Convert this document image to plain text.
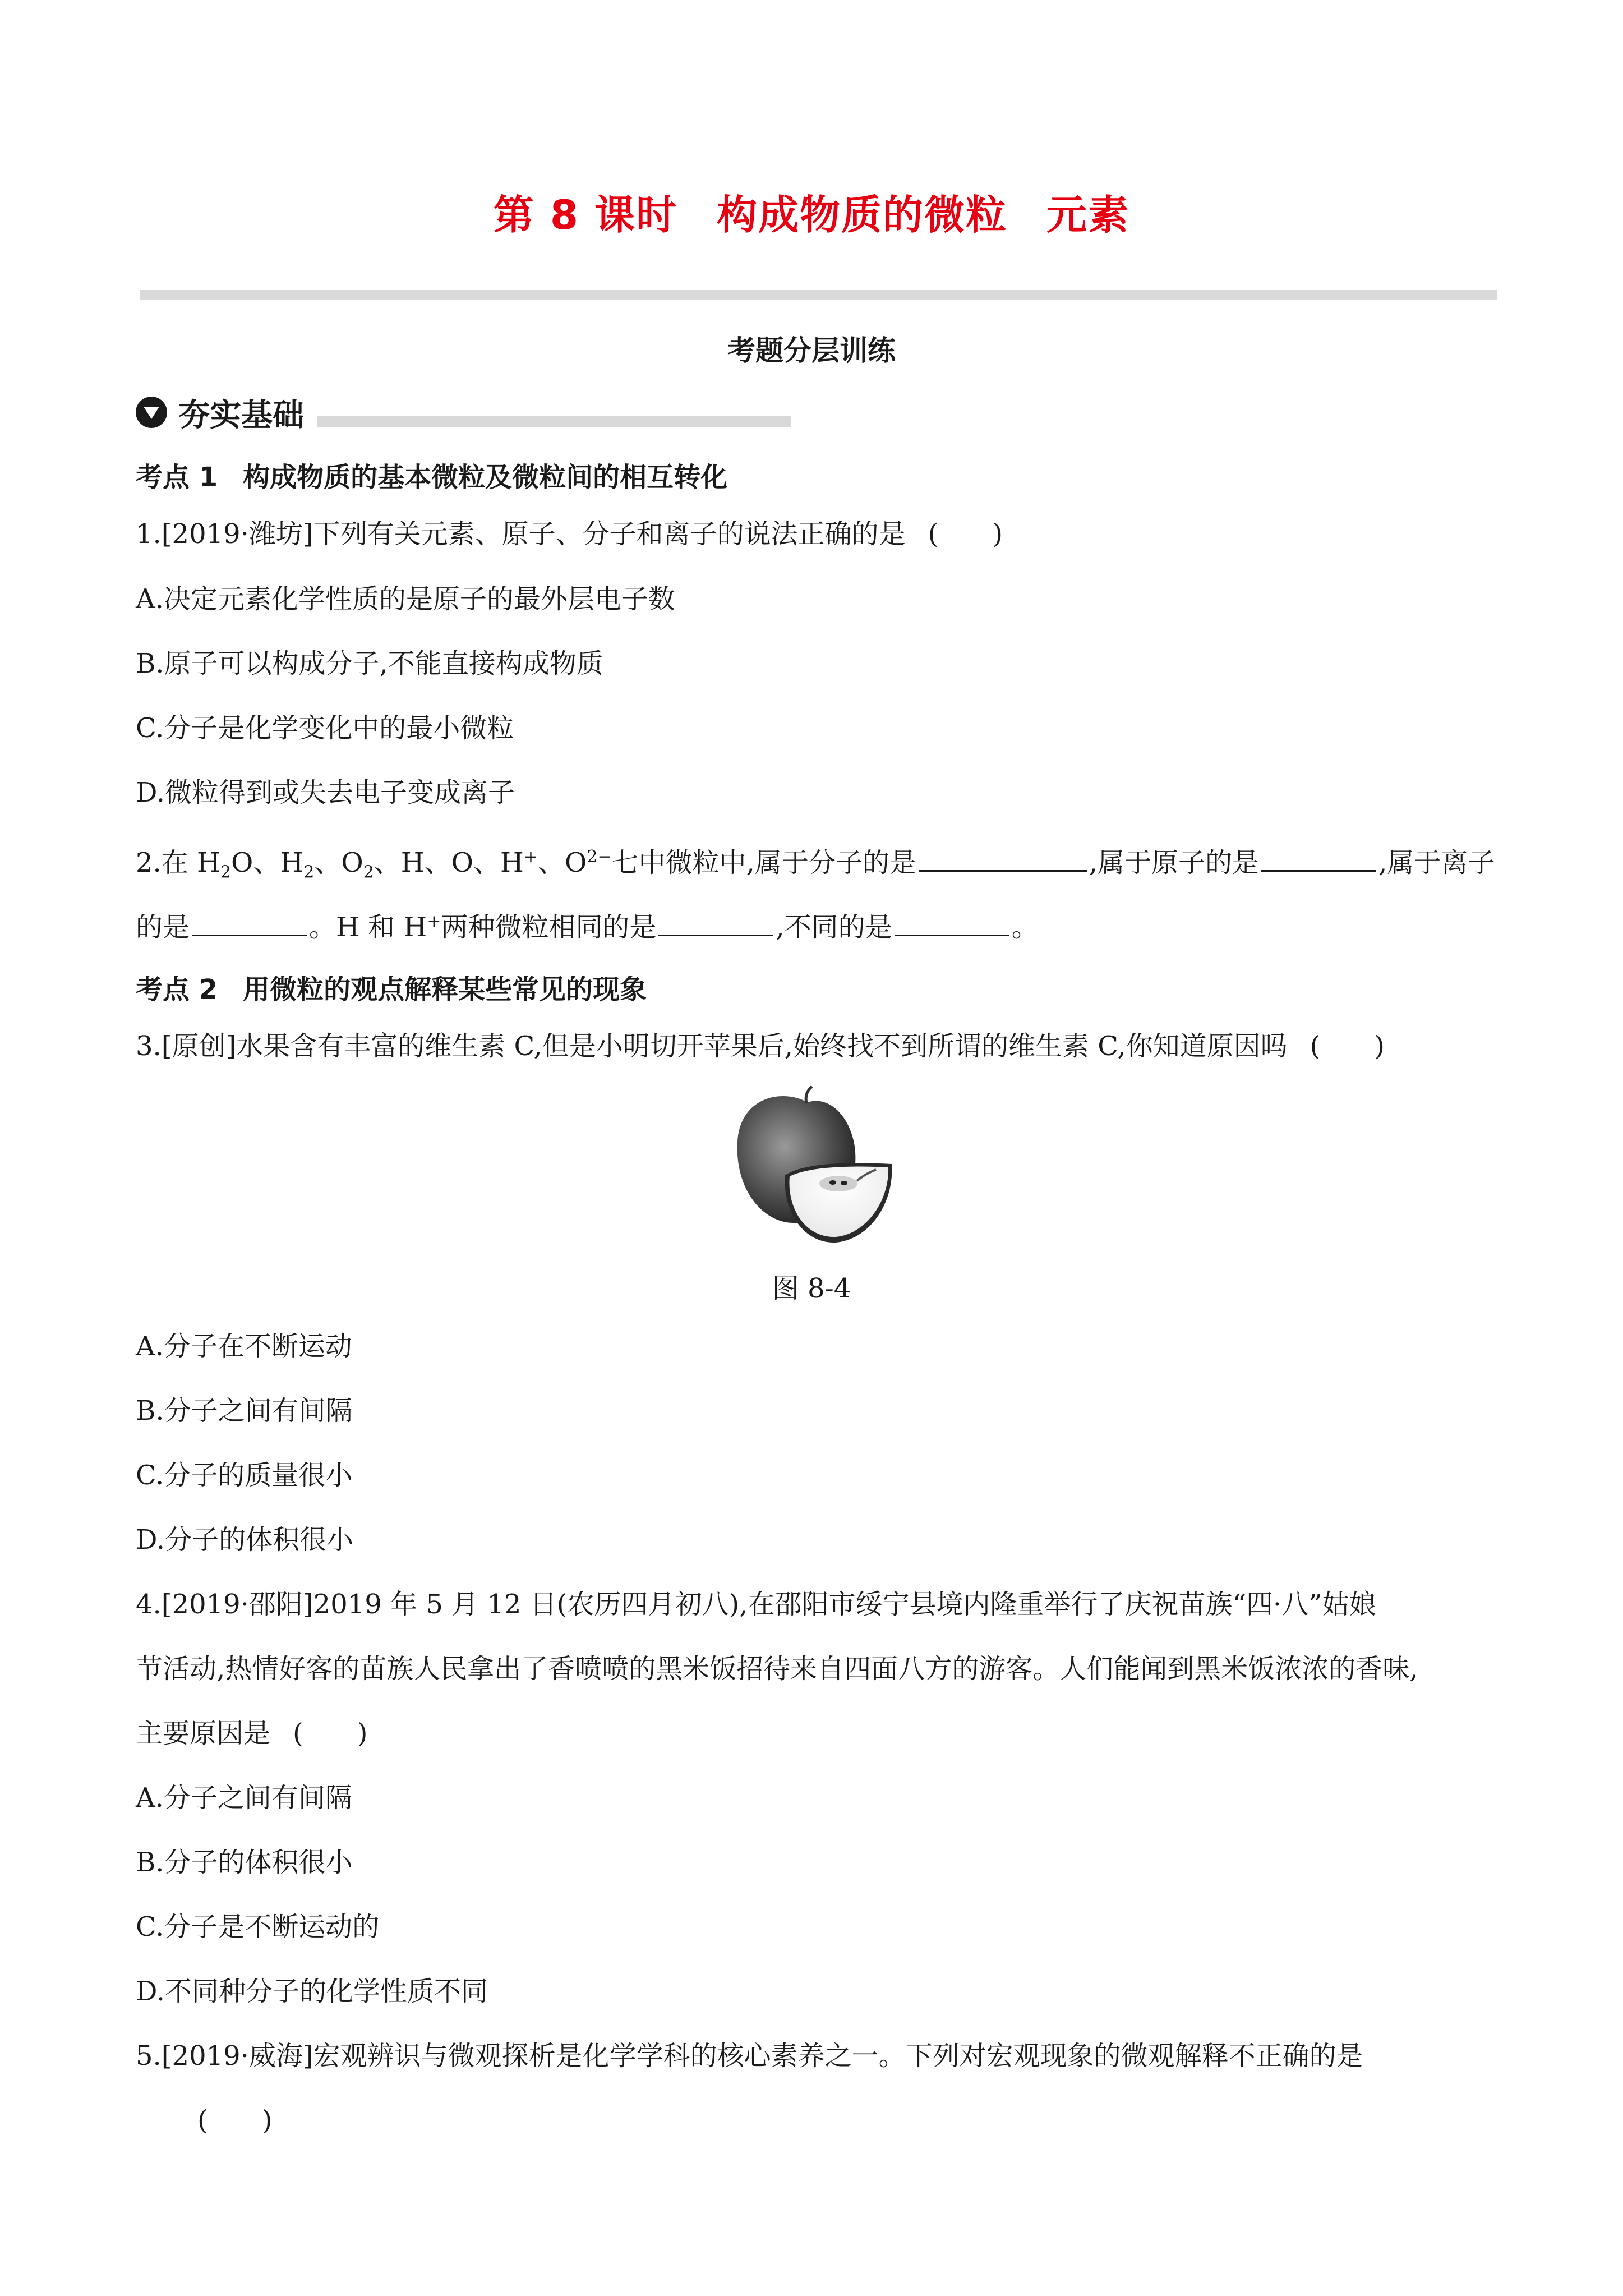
第 8 课时 构成物质的微粒 元素
考题分层训练
夯实基础
考点 1 构成物质的基本微粒及微粒间的相互转化
1.[2019·潍坊]下列有关元素、原子、分子和离子的说法正确的是 (　　)
A.决定元素化学性质的是原子的最外层电子数
B.原子可以构成分子,不能直接构成物质
C.分子是化学变化中的最小微粒
D.微粒得到或失去电子变成离子
2.在 $H_2O$、$H_2$、$O_2$、H、O、H+、$O^{2-}$七中微粒中,属于分子的是	,属于原子的是	,属于离子
的是	。H 和 H+两种微粒相同的是	,不同的是	。
考点 2 用微粒的观点解释某些常见的现象
3.[原创]水果含有丰富的维生素 C,但是小明切开苹果后,始终找不到所谓的维生素 C,你知道原因吗 (　　)
图 8-4
A.分子在不断运动
B.分子之间有间隔
C.分子的质量很小
D.分子的体积很小
4.[2019·邵阳]2019 年 5 月 12 日(农历四月初八),在邵阳市绥宁县境内隆重举行了庆祝苗族“四·八”姑娘
节活动,热情好客的苗族人民拿出了香喷喷的黑米饭招待来自四面八方的游客。人们能闻到黑米饭浓浓的香味,
主要原因是 (　　)
A.分子之间有间隔
B.分子的体积很小
C.分子是不断运动的
D.不同种分子的化学性质不同
5.[2019·威海]宏观辨识与微观探析是化学学科的核心素养之一。下列对宏观现象的微观解释不正确的是
(　　)
